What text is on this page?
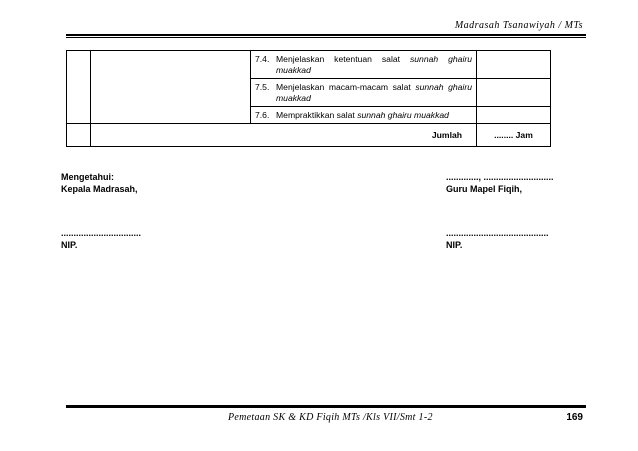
Madrasah Tsanawiyah / MTs

		7.4. Menjelaskan ketentuan salat sunnah ghairu muakkad	

		7.5. Menjelaskan macam-macam salat sunnah ghairu muakkad	

		7.6. Mempraktikkan salat sunnah ghairu muakkad	

	Jumlah		........ Jam
Mengetahui:
Kepala Madrasah,
............., ............................
Guru Mapel Fiqih,
................................
NIP.
.........................................
NIP.
Pemetaan SK & KD Fiqih MTs /Kls VII/Smt 1-2	169
